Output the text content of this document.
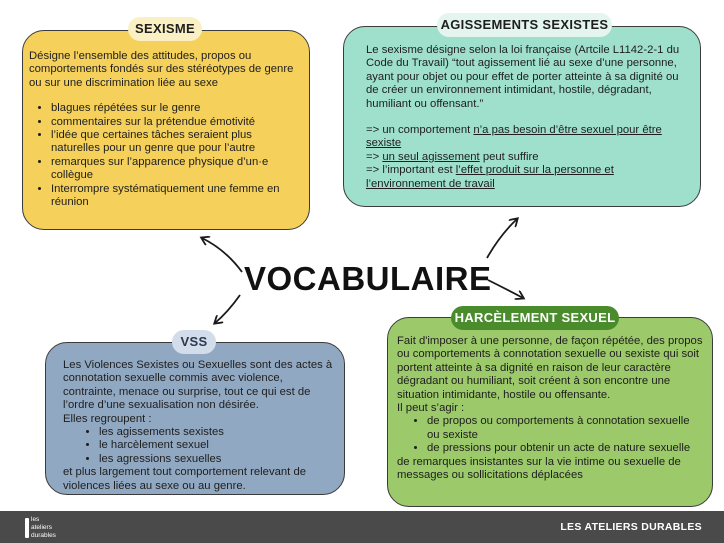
Désigne l’ensemble des attitudes, propos ou comportements fondés sur des stéréotypes de genre ou sur une discrimination liée au sexe

• blagues répétées sur le genre
• commentaires sur la prétendue émotivité
• l’idée que certaines tâches seraient plus naturelles pour un genre que pour l’autre
• remarques sur l’apparence physique d’un·e collègue
• Interrompre systématiquement une femme en réunion
SEXISME

Le sexisme désigne selon la loi française (Artcile L1142-2-1 du Code du Travail) “tout agissement lié au sexe d’une personne, ayant pour objet ou pour effet de porter atteinte à sa dignité ou de créer un environnement intimidant, hostile, dégradant, humiliant ou offensant.”

=> un comportement n’a pas besoin d’être sexuel pour être sexiste

=> un seul agissement peut suffire

=> l’important est l’effet produit sur la personne et l’environnement de travail

AGISSEMENTS SEXISTES
VOCABULAIRE

Les Violences Sexistes ou Sexuelles sont des actes à connotation sexuelle commis avec violence, contrainte, menace ou surprise, tout ce qui est de l’ordre d’une sexualisation non désirée.

Elles regroupent :

• les agissements sexistes
• le harcèlement sexuel
• les agressions sexuelles

et plus largement tout comportement relevant de violences liées au sexe ou au genre.

VSS	Fait d'imposer à une personne, de façon répétée, des propos ou comportements à connotation sexuelle ou sexiste qui soit portent atteinte à sa dignité en raison de leur caractère dégradant ou humiliant, soit créent à son encontre une situation intimidante, hostile ou offensante.

Il peut s’agir :

• de propos ou comportements à connotation sexuelle ou sexiste
• de pressions pour obtenir un acte de nature sexuelle

de remarques insistantes sur la vie intime ou sexuelle de messages ou sollicitations déplacées

HARCÈLEMENT SEXUEL
les
ateliers
durables
LES ATELIERS DURABLES
